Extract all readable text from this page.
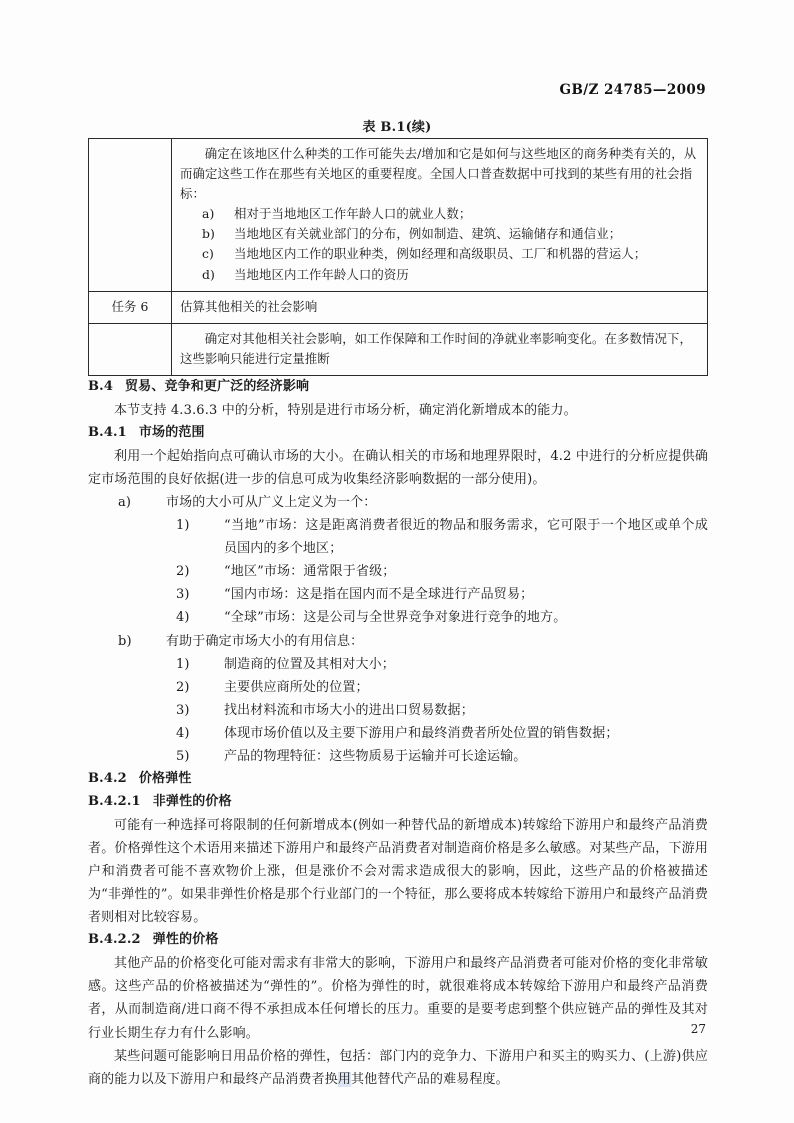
GB/Z 24785—2009
表 B.1(续)

确定在该地区什么种类的工作可能失去/增加和它是如何与这些地区的商务种类有关的，从而确定这些工作在那些有关地区的重要程度。全国人口普查数据中可找到的某些有用的社会指标：

a)	相对于当地地区工作年龄人口的就业人数；
b)	当地地区有关就业部门的分布，例如制造、建筑、运输储存和通信业；
c)	当地地区内工作的职业种类，例如经理和高级职员、工厂和机器的营运人；
d)	当地地区内工作年龄人口的资历

任务 6	估算其他相关的社会影响

	确定对其他相关社会影响，如工作保障和工作时间的净就业率影响变化。在多数情况下，这些影响只能进行定量推断

B.4 贸易、竞争和更广泛的经济影响

本节支持 4.3.6.3 中的分析，特别是进行市场分析，确定消化新增成本的能力。

B.4.1 市场的范围

利用一个起始指向点可确认市场的大小。在确认相关的市场和地理界限时，4.2 中进行的分析应提供确定市场范围的良好依据(进一步的信息可成为收集经济影响数据的一部分使用)。

a)	市场的大小可从广义上定义为一个：
1)	“当地”市场：这是距离消费者很近的物品和服务需求，它可限于一个地区或单个成员国内的多个地区；
2)	“地区”市场：通常限于省级；
3)	“国内市场：这是指在国内而不是全球进行产品贸易；
4)	“全球”市场：这是公司与全世界竞争对象进行竞争的地方。
b)	有助于确定市场大小的有用信息：
1)	制造商的位置及其相对大小；
2)	主要供应商所处的位置；
3)	找出材料流和市场大小的进出口贸易数据；
4)	体现市场价值以及主要下游用户和最终消费者所处位置的销售数据；
5)	产品的物理特征：这些物质易于运输并可长途运输。
B.4.2 价格弹性
B.4.2.1 非弹性的价格

可能有一种选择可将限制的任何新增成本(例如一种替代品的新增成本)转嫁给下游用户和最终产品消费者。价格弹性这个术语用来描述下游用户和最终产品消费者对制造商价格是多么敏感。对某些产品，下游用户和消费者可能不喜欢物价上涨，但是涨价不会对需求造成很大的影响，因此，这些产品的价格被描述为“非弹性的”。如果非弹性价格是那个行业部门的一个特征，那么要将成本转嫁给下游用户和最终产品消费者则相对比较容易。

B.4.2.2 弹性的价格

其他产品的价格变化可能对需求有非常大的影响，下游用户和最终产品消费者可能对价格的变化非常敏感。这些产品的价格被描述为“弹性的”。价格为弹性的时，就很难将成本转嫁给下游用户和最终产品消费者，从而制造商/进口商不得不承担成本任何增长的压力。重要的是要考虑到整个供应链产品的弹性及其对行业长期生存力有什么影响。

某些问题可能影响日用品价格的弹性，包括：部门内的竞争力、下游用户和买主的购买力、(上游)供应商的能力以及下游用户和最终产品消费者换用其他替代产品的难易程度。

27
